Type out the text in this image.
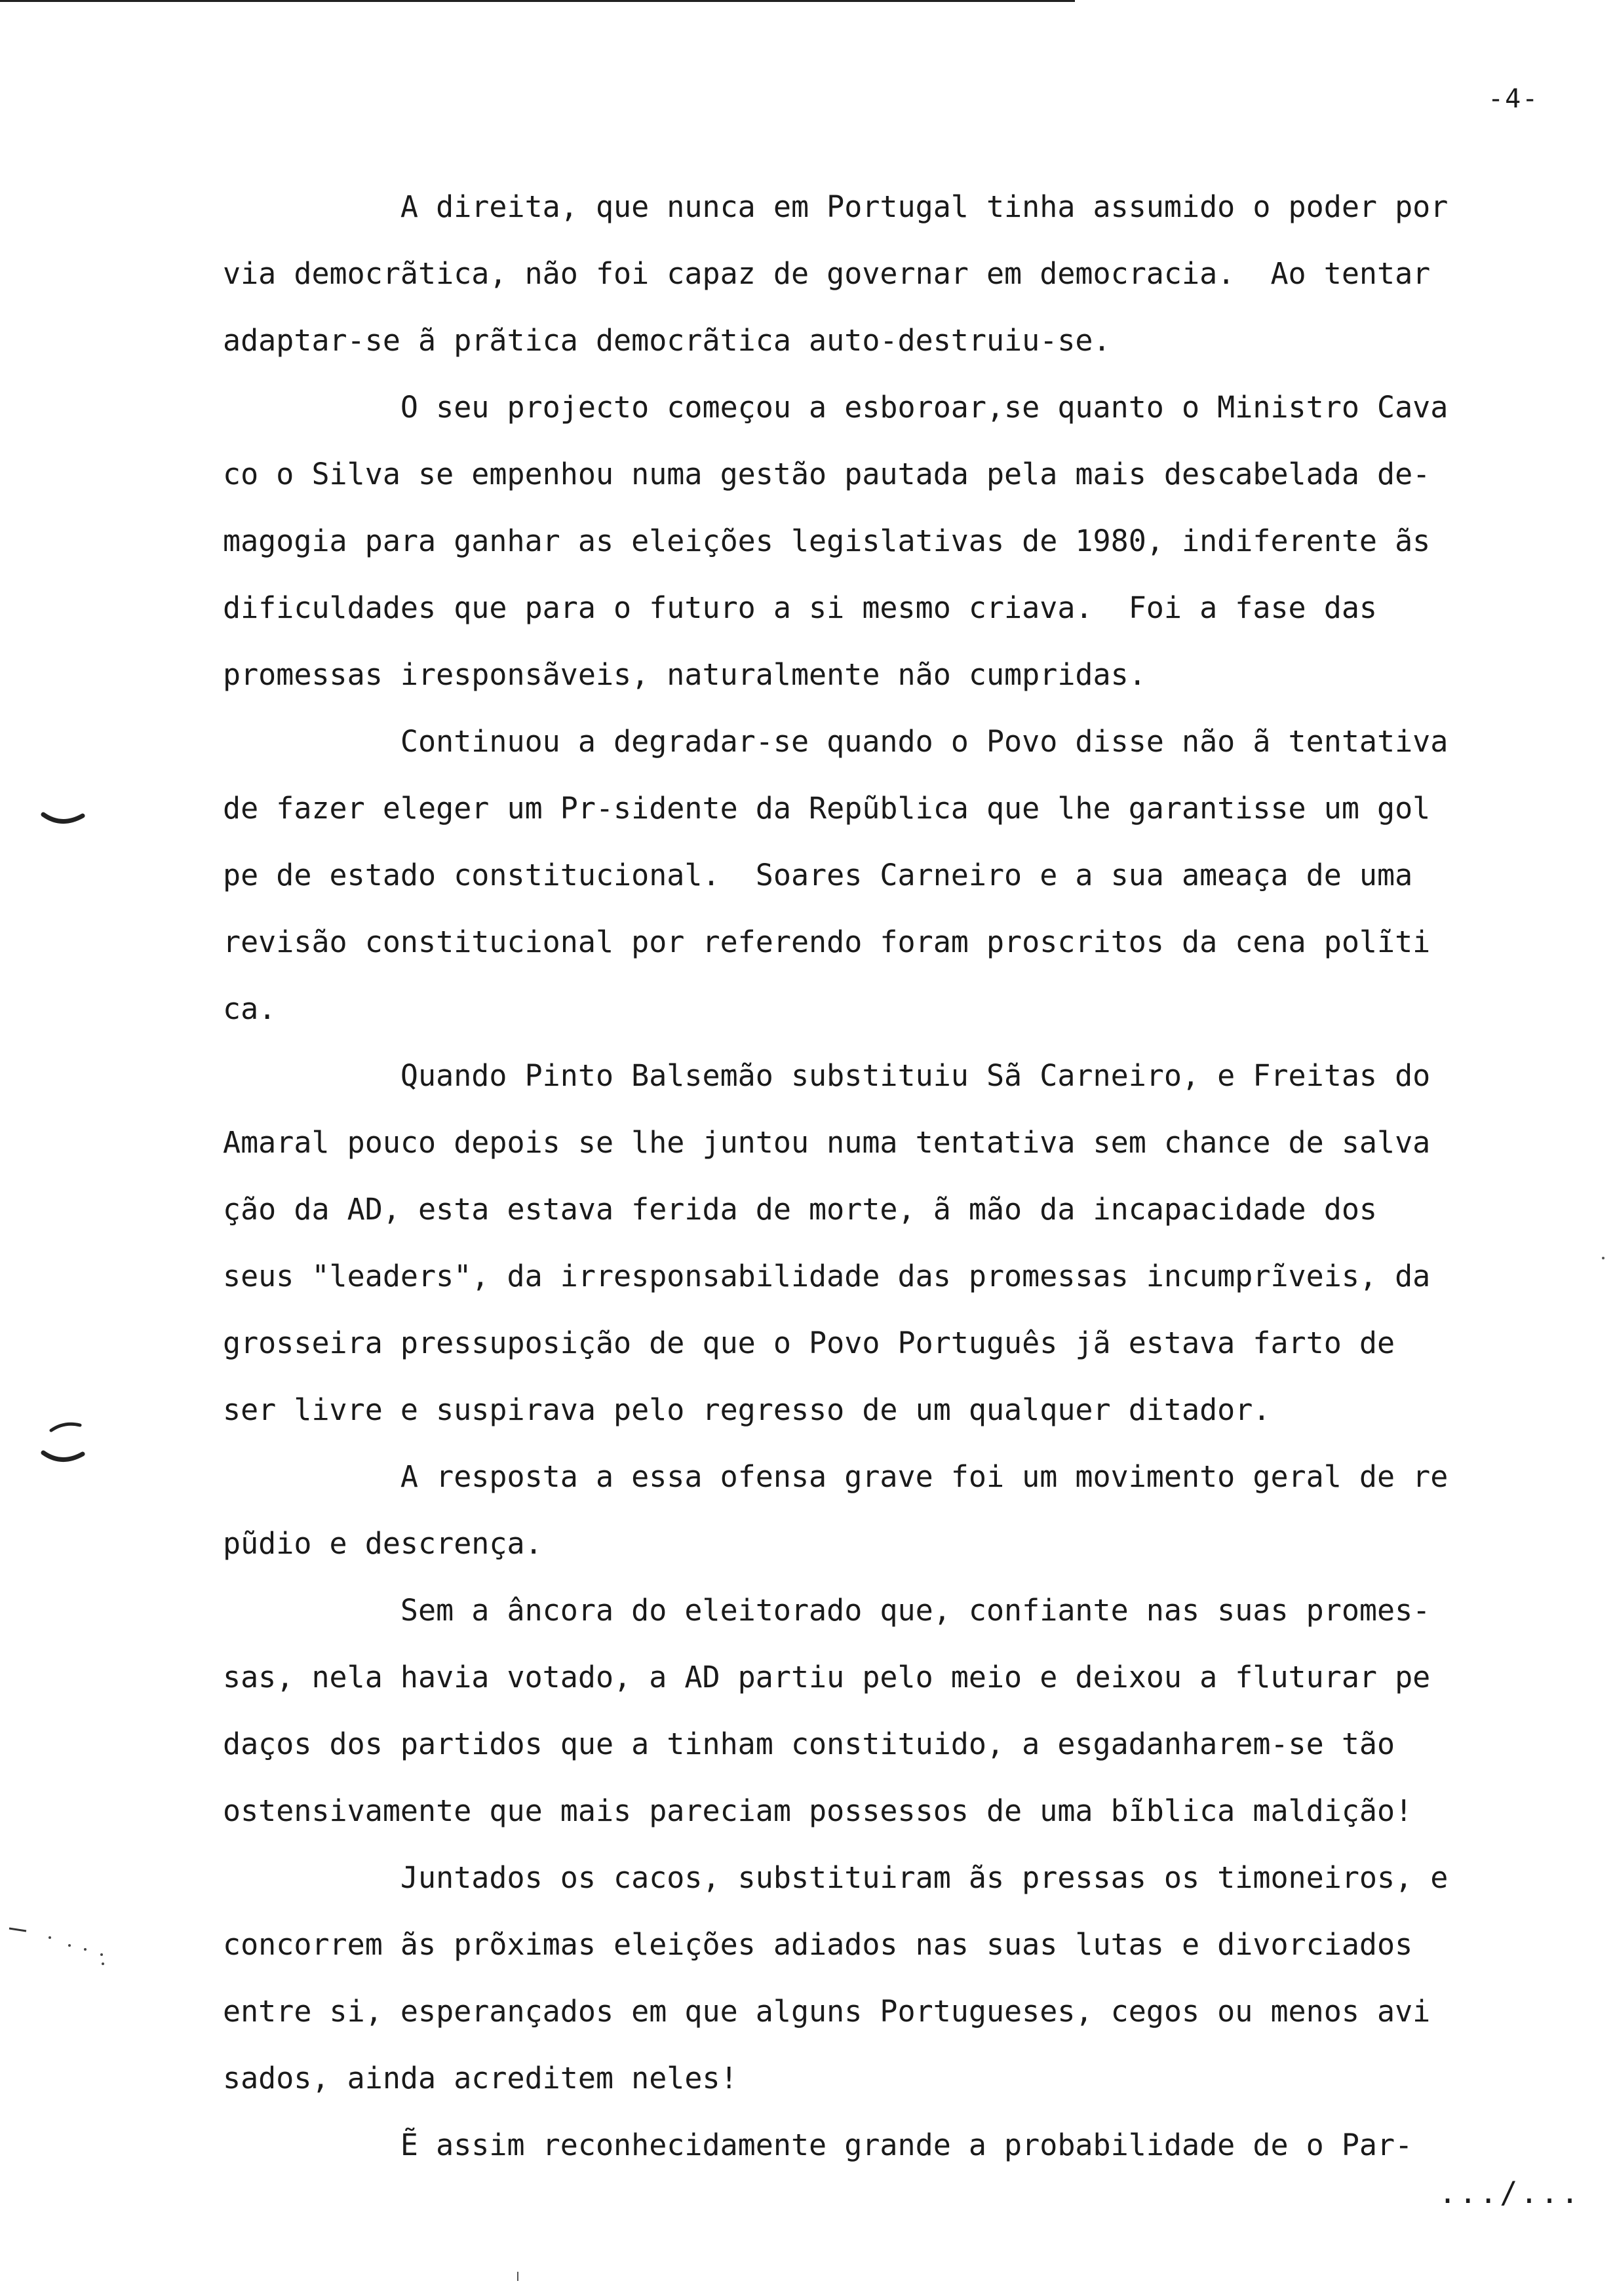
-4-

A direita, que nunca em Portugal tinha assumido o poder por
via democrãtica, não foi capaz de governar em democracia.  Ao tentar
adaptar-se ã prãtica democrãtica auto-destruiu-se.

O seu projecto começou a esboroar,se quanto o Ministro Cava
co o Silva se empenhou numa gestão pautada pela mais descabelada de-
magogia para ganhar as eleições legislativas de 1980, indiferente ãs
dificuldades que para o futuro a si mesmo criava.  Foi a fase das
promessas iresponsãveis, naturalmente não cumpridas.

Continuou a degradar-se quando o Povo disse não ã tentativa
de fazer eleger um Pr-sidente da Repũblica que lhe garantisse um gol
pe de estado constitucional.  Soares Carneiro e a sua ameaça de uma
revisão constitucional por referendo foram proscritos da cena polĩti
ca.

Quando Pinto Balsemão substituiu Sã Carneiro, e Freitas do
Amaral pouco depois se lhe juntou numa tentativa sem chance de salva
ção da AD, esta estava ferida de morte, ã mão da incapacidade dos
seus "leaders", da irresponsabilidade das promessas incumprĩveis, da
grosseira pressuposição de que o Povo Português jã estava farto de
ser livre e suspirava pelo regresso de um qualquer ditador.

A resposta a essa ofensa grave foi um movimento geral de re
pũdio e descrença.

Sem a âncora do eleitorado que, confiante nas suas promes-
sas, nela havia votado, a AD partiu pelo meio e deixou a fluturar pe
daços dos partidos que a tinham constituido, a esgadanharem-se tão
ostensivamente que mais pareciam possessos de uma bĩblica maldição!

Juntados os cacos, substituiram ãs pressas os timoneiros, e
concorrem ãs prõximas eleições adiados nas suas lutas e divorciados
entre si, esperançados em que alguns Portugueses, cegos ou menos avi
sados, ainda acreditem neles!

Ẽ assim reconhecidamente grande a probabilidade de o Par-

.../...
